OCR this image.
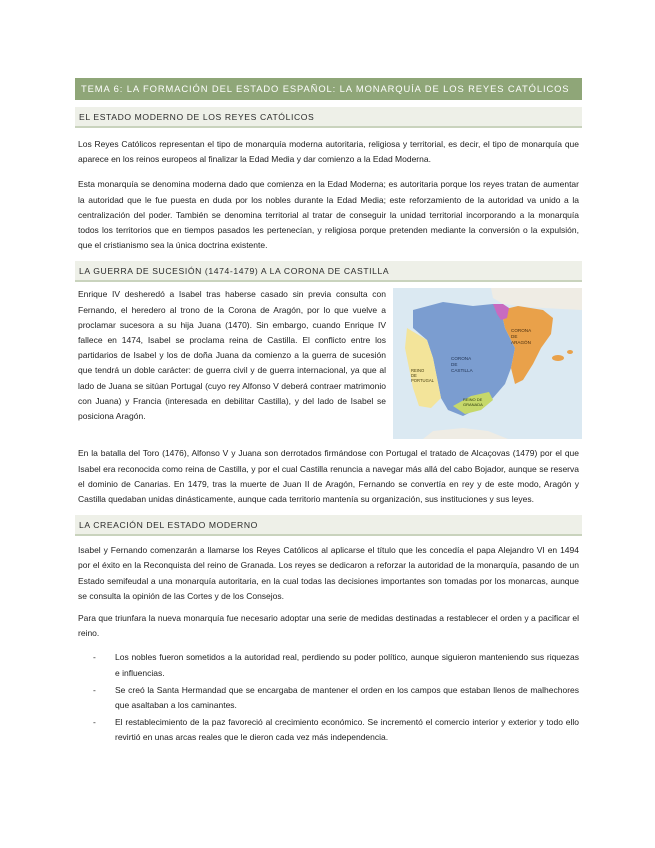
TEMA 6: LA FORMACIÓN DEL ESTADO ESPAÑOL: LA MONARQUÍA DE LOS REYES CATÓLICOS
EL ESTADO MODERNO DE LOS REYES CATÓLICOS

Los Reyes Católicos representan el tipo de monarquía moderna autoritaria, religiosa y territorial, es decir, el tipo de monarquía que aparece en los reinos europeos al finalizar la Edad Media y dar comienzo a la Edad Moderna.

Esta monarquía se denomina moderna dado que comienza en la Edad Moderna; es autoritaria porque los reyes tratan de aumentar la autoridad que le fue puesta en duda por los nobles durante la Edad Media; este reforzamiento de la autoridad va unido a la centralización del poder. También se denomina territorial al tratar de conseguir la unidad territorial incorporando a la monarquía todos los territorios que en tiempos pasados les pertenecían, y religiosa porque pretenden mediante la conversión o la expulsión, que el cristianismo sea la única doctrina existente.

LA GUERRA DE SUCESIÓN (1474-1479) A LA CORONA DE CASTILLA

Enrique IV desheredó a Isabel tras haberse casado sin previa consulta con Fernando, el heredero al trono de la Corona de Aragón, por lo que vuelve a proclamar sucesora a su hija Juana (1470). Sin embargo, cuando Enrique IV fallece en 1474, Isabel se proclama reina de Castilla. El conflicto entre los partidarios de Isabel y los de doña Juana da comienzo a la guerra de sucesión que tendrá un doble carácter: de guerra civil y de guerra internacional, ya que al lado de Juana se sitúan Portugal (cuyo rey Alfonso V deberá contraer matrimonio con Juana) y Francia (interesada en debilitar Castilla), y del lado de Isabel se posiciona Aragón.

CORONA DE CASTILLA
CORONA DE ARAGÓN
REINO DE PORTUGAL
REINO DE GRANADA

En la batalla del Toro (1476), Alfonso V y Juana son derrotados firmándose con Portugal el tratado de Alcaçovas (1479) por el que Isabel era reconocida como reina de Castilla, y por el cual Castilla renuncia a navegar más allá del cabo Bojador, aunque se reserva el dominio de Canarias. En 1479, tras la muerte de Juan II de Aragón, Fernando se convertía en rey y de este modo, Aragón y Castilla quedaban unidas dinásticamente, aunque cada territorio mantenía su organización, sus instituciones y sus leyes.

LA CREACIÓN DEL ESTADO MODERNO

Isabel y Fernando comenzarán a llamarse los Reyes Católicos al aplicarse el título que les concedía el papa Alejandro VI en 1494 por el éxito en la Reconquista del reino de Granada. Los reyes se dedicaron a reforzar la autoridad de la monarquía, pasando de un Estado semifeudal a una monarquía autoritaria, en la cual todas las decisiones importantes son tomadas por los monarcas, aunque se consulta la opinión de las Cortes y de los Consejos.

Para que triunfara la nueva monarquía fue necesario adoptar una serie de medidas destinadas a restablecer el orden y a pacificar el reino.

- Los nobles fueron sometidos a la autoridad real, perdiendo su poder político, aunque siguieron manteniendo sus riquezas e influencias.
- Se creó la Santa Hermandad que se encargaba de mantener el orden en los campos que estaban llenos de malhechores que asaltaban a los caminantes.
- El restablecimiento de la paz favoreció al crecimiento económico. Se incrementó el comercio interior y exterior y todo ello revirtió en unas arcas reales que le dieron cada vez más independencia.
